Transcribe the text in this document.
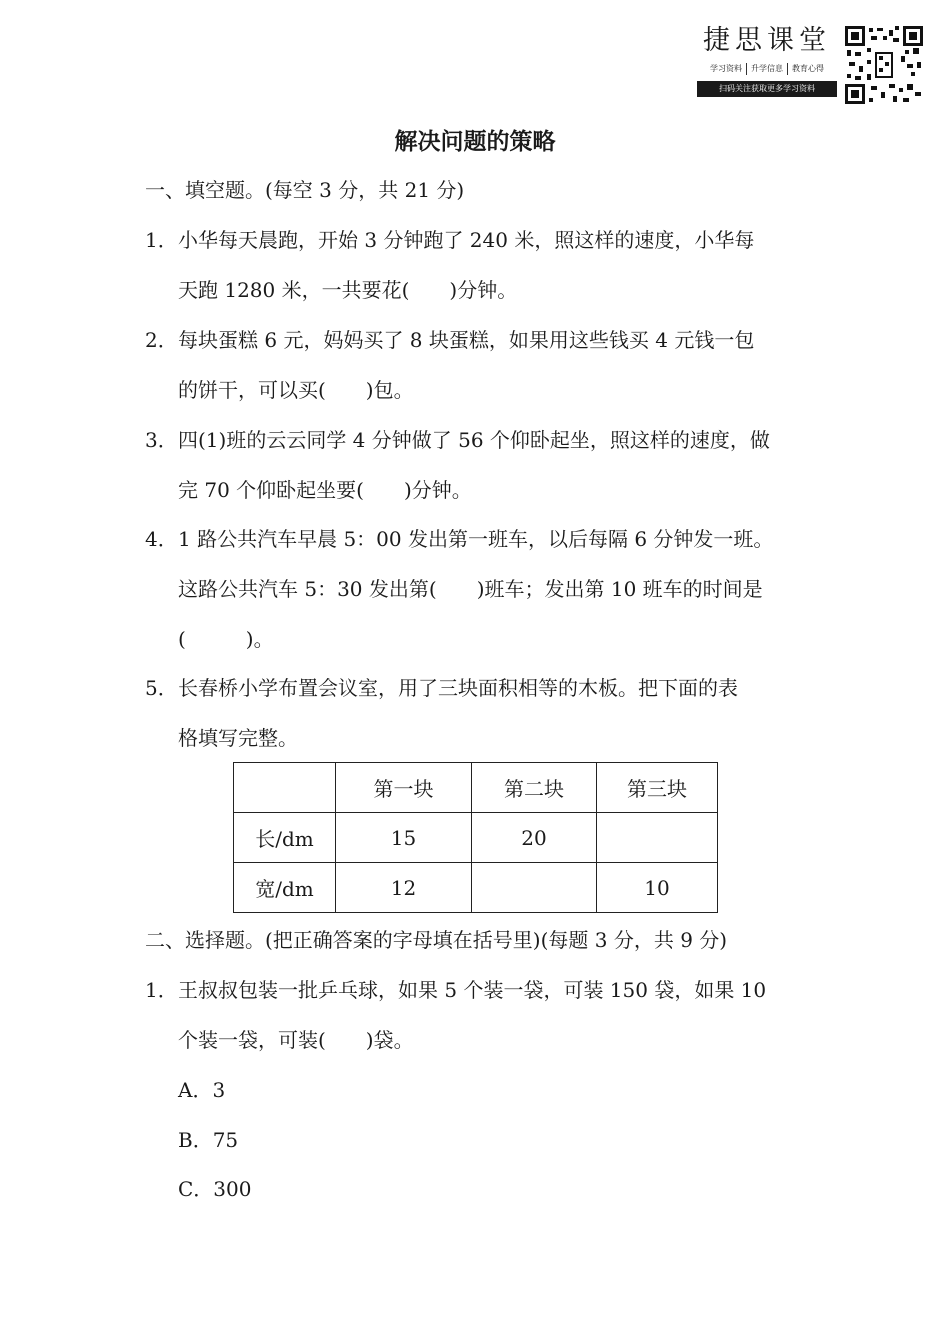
捷思课堂
学习资料	升学信息	教育心得
扫码关注获取更多学习资料
解决问题的策略
一、填空题。(每空 3 分，共 21 分)
1．小华每天晨跑，开始 3 分钟跑了 240 米，照这样的速度，小华每
天跑 1280 米，一共要花(　　)分钟。
2．每块蛋糕 6 元，妈妈买了 8 块蛋糕，如果用这些钱买 4 元钱一包
的饼干，可以买(　　)包。
3．四(1)班的云云同学 4 分钟做了 56 个仰卧起坐，照这样的速度，做
完 70 个仰卧起坐要(　　)分钟。
4．1 路公共汽车早晨 5：00 发出第一班车，以后每隔 6 分钟发一班。
这路公共汽车 5：30 发出第(　　)班车；发出第 10 班车的时间是
(　　　)。
5．长春桥小学布置会议室，用了三块面积相等的木板。把下面的表
格填写完整。
	第一块	第二块	第三块
长/dm	15	20	
宽/dm	12		10
二、选择题。(把正确答案的字母填在括号里)(每题 3 分，共 9 分)
1．王叔叔包装一批乒乓球，如果 5 个装一袋，可装 150 袋，如果 10
个装一袋，可装(　　)袋。
A．3
B．75
C．300
